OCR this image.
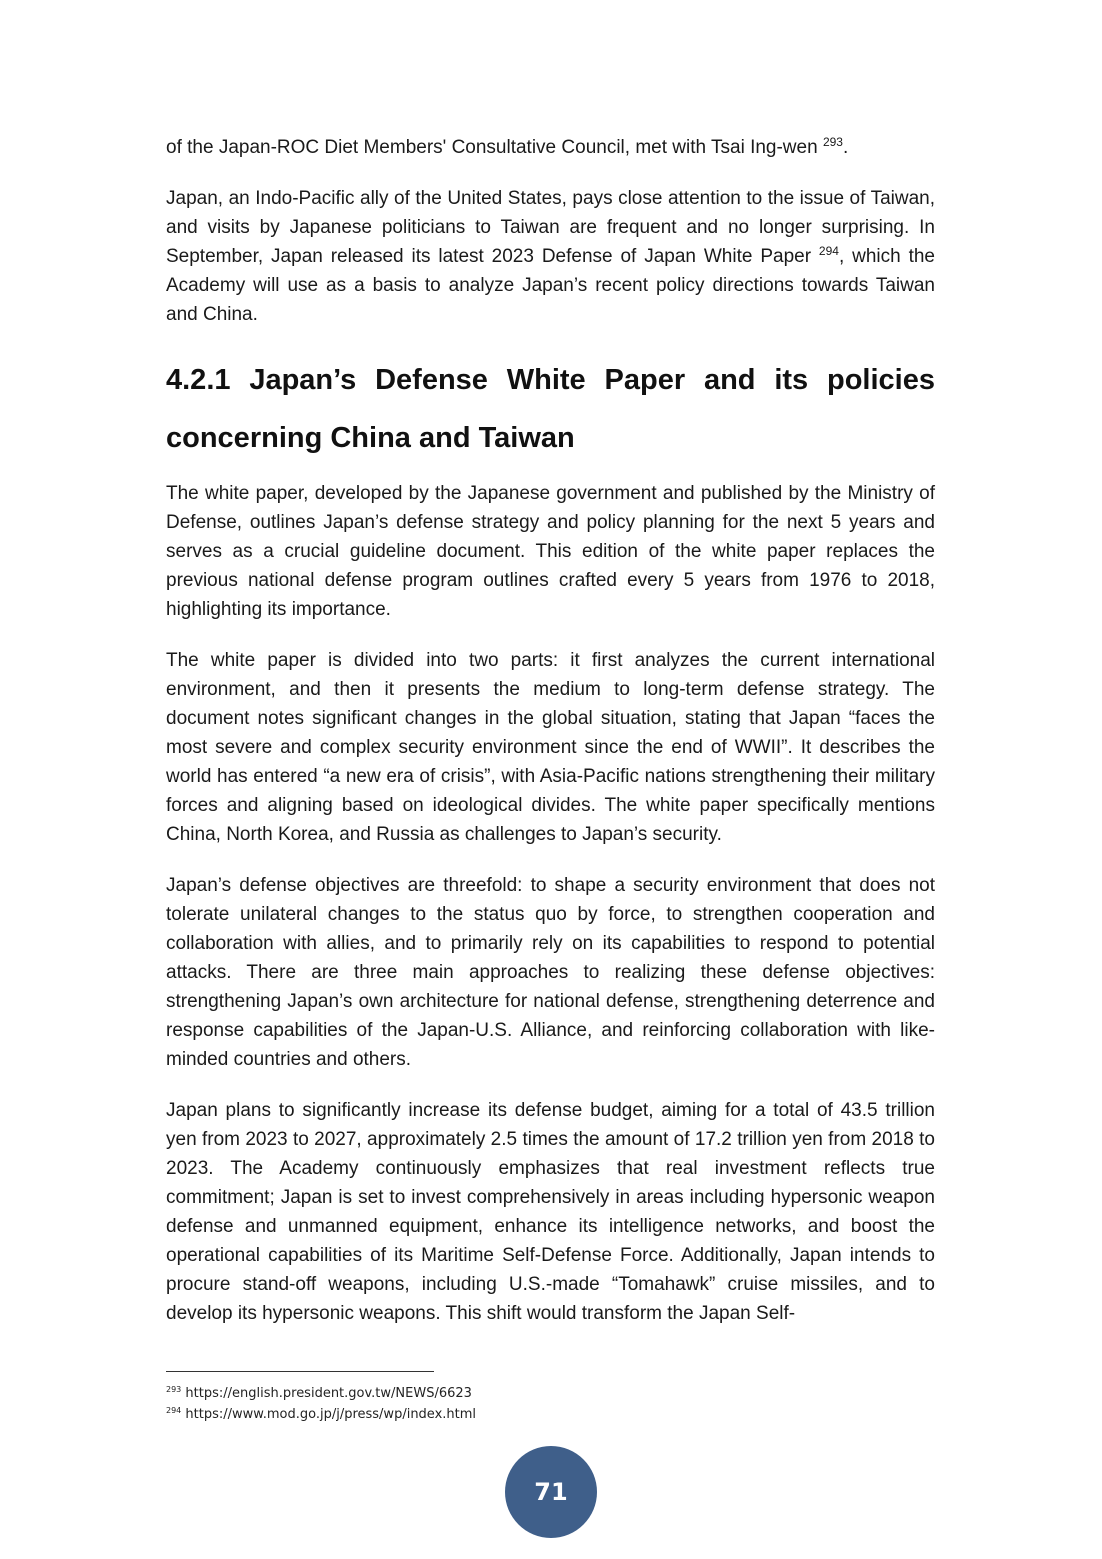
of the Japan-ROC Diet Members' Consultative Council, met with Tsai Ing-wen $^{293}$.

Japan, an Indo-Pacific ally of the United States, pays close attention to the issue of Taiwan, and visits by Japanese politicians to Taiwan are frequent and no longer surprising. In September, Japan released its latest 2023 Defense of Japan White Paper $^{294}$, which the Academy will use as a basis to analyze Japan’s recent policy directions towards Taiwan and China.

4.2.1 Japan’s Defense White Paper and its policies concerning China and Taiwan

The white paper, developed by the Japanese government and published by the Ministry of Defense, outlines Japan’s defense strategy and policy planning for the next 5 years and serves as a crucial guideline document. This edition of the white paper replaces the previous national defense program outlines crafted every 5 years from 1976 to 2018, highlighting its importance.

The white paper is divided into two parts: it first analyzes the current international environment, and then it presents the medium to long-term defense strategy. The document notes significant changes in the global situation, stating that Japan “faces the most severe and complex security environment since the end of WWII”. It describes the world has entered “a new era of crisis”, with Asia-Pacific nations strengthening their military forces and aligning based on ideological divides. The white paper specifically mentions China, North Korea, and Russia as challenges to Japan’s security.

Japan’s defense objectives are threefold: to shape a security environment that does not tolerate unilateral changes to the status quo by force, to strengthen cooperation and collaboration with allies, and to primarily rely on its capabilities to respond to potential attacks. There are three main approaches to realizing these defense objectives: strengthening Japan’s own architecture for national defense, strengthening deterrence and response capabilities of the Japan-U.S. Alliance, and reinforcing collaboration with like-minded countries and others.

Japan plans to significantly increase its defense budget, aiming for a total of 43.5 trillion yen from 2023 to 2027, approximately 2.5 times the amount of 17.2 trillion yen from 2018 to 2023. The Academy continuously emphasizes that real investment reflects true commitment; Japan is set to invest comprehensively in areas including hypersonic weapon defense and unmanned equipment, enhance its intelligence networks, and boost the operational capabilities of its Maritime Self-Defense Force. Additionally, Japan intends to procure stand-off weapons, including U.S.-made “Tomahawk” cruise missiles, and to develop its hypersonic weapons. This shift would transform the Japan Self-

$^{293}$ https://english.president.gov.tw/NEWS/6623
$^{294}$ https://www.mod.go.jp/j/press/wp/index.html
71
